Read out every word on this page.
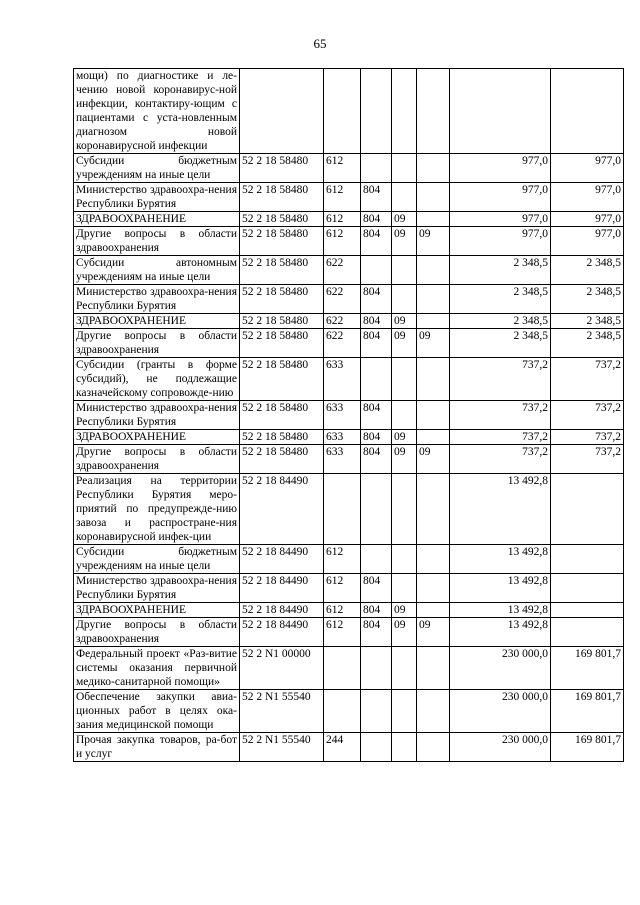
65
мощи) по диагностике и ле-чению новой коронавирус-ной инфекции, контактиру-ющим с пациентами с уста-новленным диагнозом новой коронавирусной инфекции							
Субсидии бюджетным учреждениям на иные цели	52 2 18 58480	612				977,0	977,0
Министерство здравоохра-нения Республики Бурятия	52 2 18 58480	612	804			977,0	977,0
ЗДРАВООХРАНЕНИЕ	52 2 18 58480	612	804	09		977,0	977,0
Другие вопросы в области здравоохранения	52 2 18 58480	612	804	09	09	977,0	977,0
Субсидии автономным учреждениям на иные цели	52 2 18 58480	622				2 348,5	2 348,5
Министерство здравоохра-нения Республики Бурятия	52 2 18 58480	622	804			2 348,5	2 348,5
ЗДРАВООХРАНЕНИЕ	52 2 18 58480	622	804	09		2 348,5	2 348,5
Другие вопросы в области здравоохранения	52 2 18 58480	622	804	09	09	2 348,5	2 348,5
Субсидии (гранты в форме субсидий), не подлежащие казначейскому сопровожде-нию	52 2 18 58480	633				737,2	737,2
Министерство здравоохра-нения Республики Бурятия	52 2 18 58480	633	804			737,2	737,2
ЗДРАВООХРАНЕНИЕ	52 2 18 58480	633	804	09		737,2	737,2
Другие вопросы в области здравоохранения	52 2 18 58480	633	804	09	09	737,2	737,2
Реализация на территории Республики Бурятия меро-приятий по предупрежде-нию завоза и распростране-ния коронавирусной инфек-ции	52 2 18 84490					13 492,8	
Субсидии бюджетным учреждениям на иные цели	52 2 18 84490	612				13 492,8	
Министерство здравоохра-нения Республики Бурятия	52 2 18 84490	612	804			13 492,8	
ЗДРАВООХРАНЕНИЕ	52 2 18 84490	612	804	09		13 492,8	
Другие вопросы в области здравоохранения	52 2 18 84490	612	804	09	09	13 492,8	
Федеральный проект «Раз-витие системы оказания первичной медико-санитарной помощи»	52 2 N1 00000					230 000,0	169 801,7
Обеспечение закупки авиа-ционных работ в целях ока-зания медицинской помощи	52 2 N1 55540					230 000,0	169 801,7
Прочая закупка товаров, ра-бот и услуг	52 2 N1 55540	244				230 000,0	169 801,7
